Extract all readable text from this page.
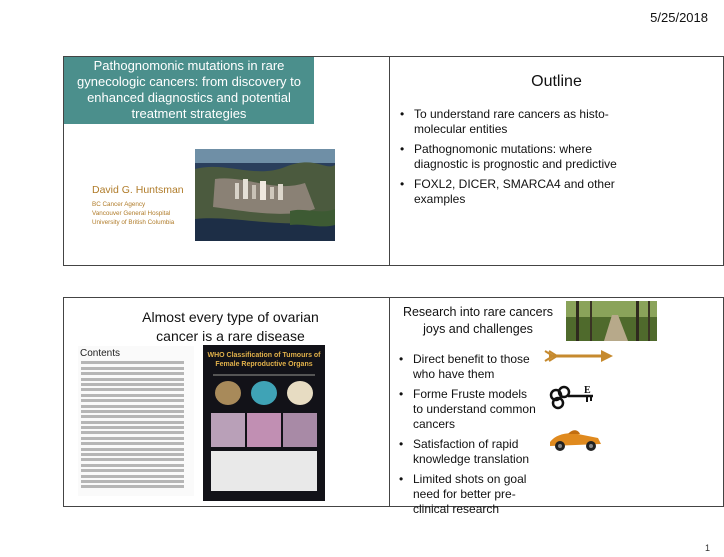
5/25/2018
Pathognomonic mutations in rare
gynecologic cancers: from discovery to
enhanced diagnostics and potential
treatment strategies
David G. Huntsman
BC Cancer Agency
Vancouver General Hospital
University of British Columbia
Outline
• To understand rare cancers as histo-molecular entities
• Pathognomonic mutations: where diagnostic is prognostic and predictive
• FOXL2, DICER, SMARCA4 and other examples
Almost every type of ovarian
cancer is a rare disease
Contents	WHO Classification of Tumours of
Female Reproductive Organs
Research into rare cancers
joys and challenges
• Direct benefit to those who have them
• Forme Fruste models to understand common cancers
• Satisfaction of rapid knowledge translation
• Limited shots on goal need for better pre-clinical research
E
1
